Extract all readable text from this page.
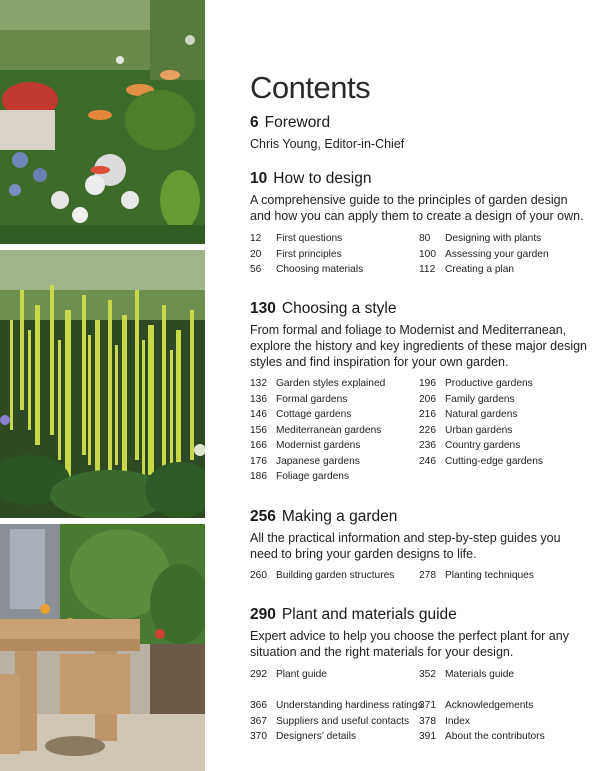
Contents
6 Foreword
Chris Young, Editor-in-Chief
10 How to design
A comprehensive guide to the principles of garden design and how you can apply them to create a design of your own.
12 First questions
20 First principles
56 Choosing materials
80 Designing with plants
100 Assessing your garden
112 Creating a plan
130 Choosing a style
From formal and foliage to Modernist and Mediterranean, explore the history and key ingredients of these major design styles and find inspiration for your own garden.
132 Garden styles explained
136 Formal gardens
146 Cottage gardens
156 Mediterranean gardens
166 Modernist gardens
176 Japanese gardens
186 Foliage gardens
196 Productive gardens
206 Family gardens
216 Natural gardens
226 Urban gardens
236 Country gardens
246 Cutting-edge gardens
256 Making a garden
All the practical information and step-by-step guides you need to bring your garden designs to life.
260 Building garden structures 278 Planting techniques
290 Plant and materials guide
Expert advice to help you choose the perfect plant for any situation and the right materials for your design.
292 Plant guide	352 Materials guide
366 Understanding hardiness ratings
367 Suppliers and useful contacts
370 Designers' details
371 Acknowledgements
378 Index
391 About the contributors
